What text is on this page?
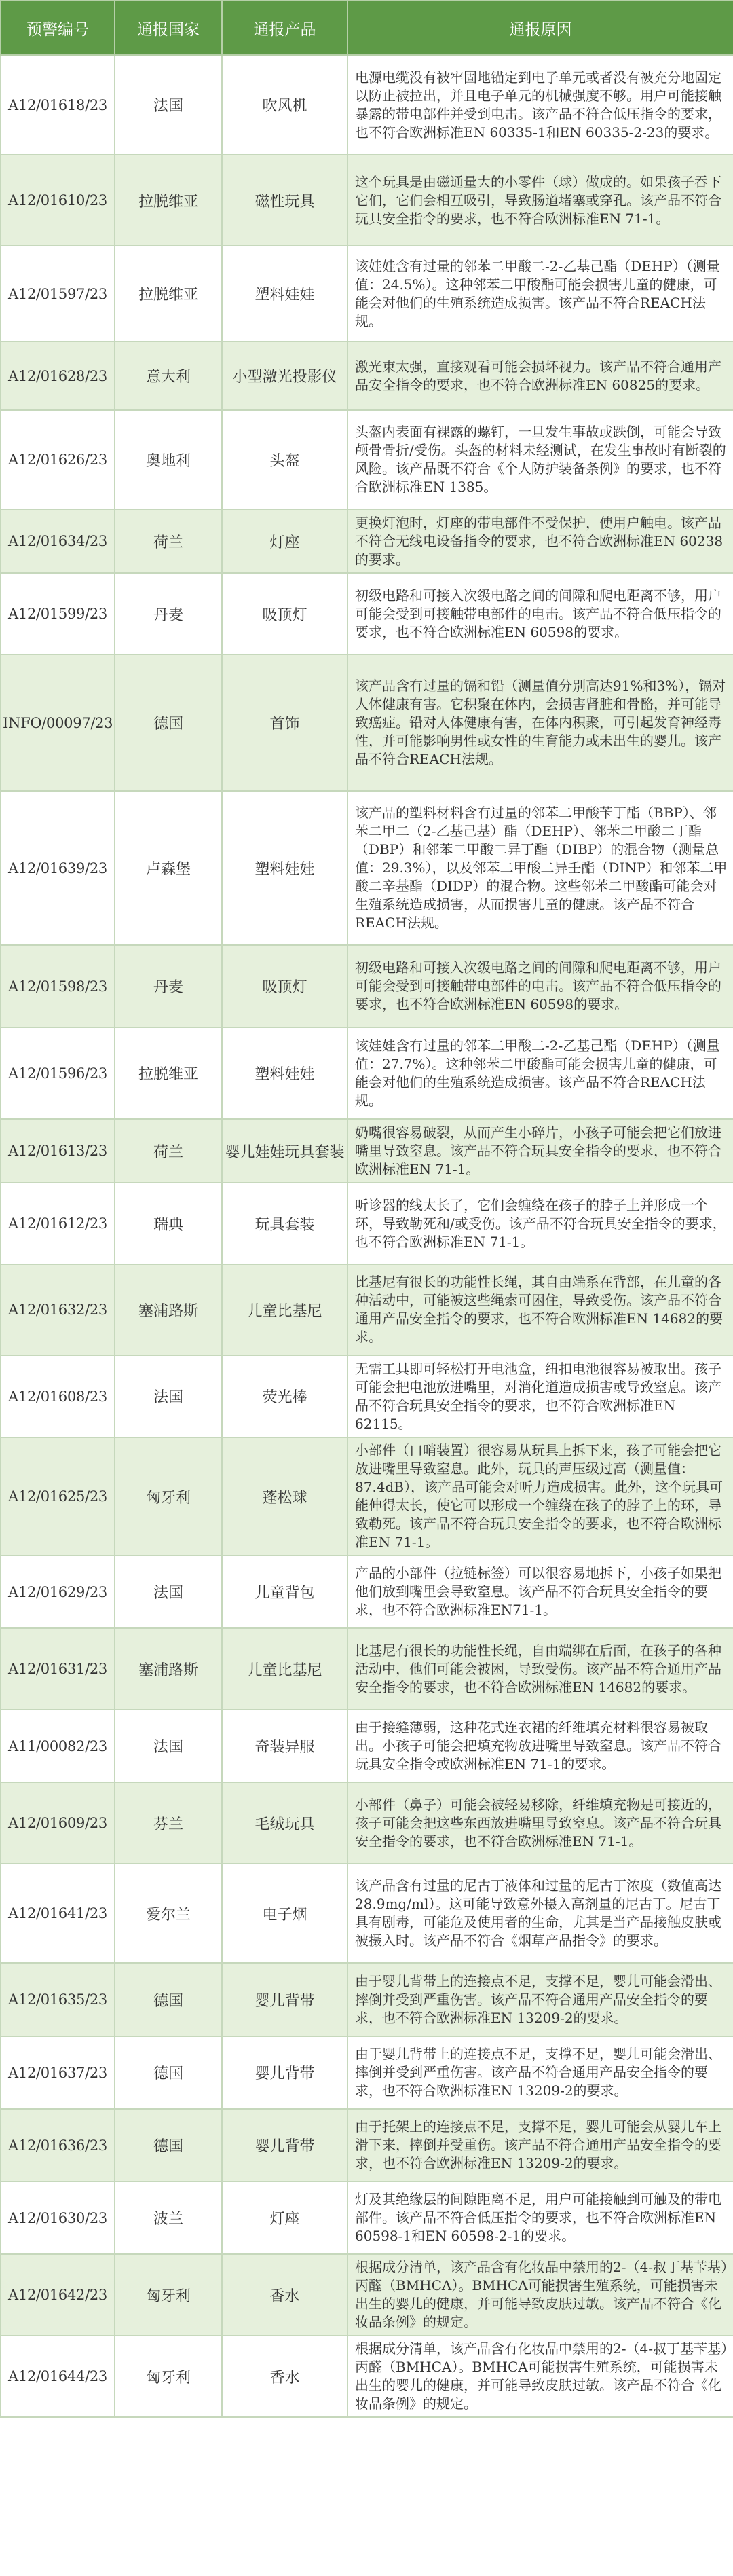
预警编号	通报国家	通报产品	通报原因
A12/01618/23	法国	吹风机	电源电缆没有被牢固地锚定到电子单元或者没有被充分地固定以防止被拉出，并且电子单元的机械强度不够。用户可能接触暴露的带电部件并受到电击。该产品不符合低压指令的要求，也不符合欧洲标准EN 60335-1和EN 60335-2-23的要求。
A12/01610/23	拉脱维亚	磁性玩具	这个玩具是由磁通量大的小零件（球）做成的。如果孩子吞下它们，它们会相互吸引，导致肠道堵塞或穿孔。该产品不符合玩具安全指令的要求，也不符合欧洲标准EN 71-1。
A12/01597/23	拉脱维亚	塑料娃娃	该娃娃含有过量的邻苯二甲酸二-2-乙基己酯（DEHP）（测量值：24.5%）。这种邻苯二甲酸酯可能会损害儿童的健康，可能会对他们的生殖系统造成损害。该产品不符合REACH法规。
A12/01628/23	意大利	小型激光投影仪	激光束太强，直接观看可能会损坏视力。该产品不符合通用产品安全指令的要求，也不符合欧洲标准EN 60825的要求。
A12/01626/23	奥地利	头盔	头盔内表面有裸露的螺钉，一旦发生事故或跌倒，可能会导致颅骨骨折/受伤。头盔的材料未经测试，在发生事故时有断裂的风险。该产品既不符合《个人防护装备条例》的要求，也不符合欧洲标准EN 1385。
A12/01634/23	荷兰	灯座	更换灯泡时，灯座的带电部件不受保护，使用户触电。该产品不符合无线电设备指令的要求，也不符合欧洲标准EN 60238的要求。
A12/01599/23	丹麦	吸顶灯	初级电路和可接入次级电路之间的间隙和爬电距离不够，用户可能会受到可接触带电部件的电击。该产品不符合低压指令的要求，也不符合欧洲标准EN 60598的要求。
INFO/00097/23	德国	首饰	该产品含有过量的镉和铅（测量值分别高达91%和3%），镉对人体健康有害。它积聚在体内，会损害肾脏和骨骼，并可能导致癌症。铅对人体健康有害，在体内积聚，可引起发育神经毒性，并可能影响男性或女性的生育能力或未出生的婴儿。该产品不符合REACH法规。
A12/01639/23	卢森堡	塑料娃娃	该产品的塑料材料含有过量的邻苯二甲酸苄丁酯（BBP）、邻苯二甲二（2-乙基己基）酯（DEHP）、邻苯二甲酸二丁酯（DBP）和邻苯二甲酸二异丁酯（DIBP）的混合物（测量总值：29.3%），以及邻苯二甲酸二异壬酯（DINP）和邻苯二甲酸二辛基酯（DIDP）的混合物。这些邻苯二甲酸酯可能会对生殖系统造成损害，从而损害儿童的健康。该产品不符合REACH法规。
A12/01598/23	丹麦	吸顶灯	初级电路和可接入次级电路之间的间隙和爬电距离不够，用户可能会受到可接触带电部件的电击。该产品不符合低压指令的要求，也不符合欧洲标准EN 60598的要求。
A12/01596/23	拉脱维亚	塑料娃娃	该娃娃含有过量的邻苯二甲酸二-2-乙基己酯（DEHP）（测量值：27.7%）。这种邻苯二甲酸酯可能会损害儿童的健康，可能会对他们的生殖系统造成损害。该产品不符合REACH法规。
A12/01613/23	荷兰	婴儿娃娃玩具套装	奶嘴很容易破裂，从而产生小碎片，小孩子可能会把它们放进嘴里导致窒息。该产品不符合玩具安全指令的要求，也不符合欧洲标准EN 71-1。
A12/01612/23	瑞典	玩具套装	听诊器的线太长了，它们会缠绕在孩子的脖子上并形成一个环，导致勒死和/或受伤。该产品不符合玩具安全指令的要求，也不符合欧洲标准EN 71-1。
A12/01632/23	塞浦路斯	儿童比基尼	比基尼有很长的功能性长绳，其自由端系在背部，在儿童的各种活动中，可能被这些绳索可困住，导致受伤。该产品不符合通用产品安全指令的要求，也不符合欧洲标准EN 14682的要求。
A12/01608/23	法国	荧光棒	无需工具即可轻松打开电池盒，纽扣电池很容易被取出。孩子可能会把电池放进嘴里，对消化道造成损害或导致窒息。该产品不符合玩具安全指令的要求，也不符合欧洲标准EN 62115。
A12/01625/23	匈牙利	蓬松球	小部件（口哨装置）很容易从玩具上拆下来，孩子可能会把它放进嘴里导致窒息。此外，玩具的声压级过高（测量值：87.4dB），该产品可能会对听力造成损害。此外，这个玩具可能伸得太长，使它可以形成一个缠绕在孩子的脖子上的环，导致勒死。该产品不符合玩具安全指令的要求，也不符合欧洲标准EN 71-1。
A12/01629/23	法国	儿童背包	产品的小部件（拉链标签）可以很容易地拆下，小孩子如果把他们放到嘴里会导致窒息。该产品不符合玩具安全指令的要求，也不符合欧洲标准EN71-1。
A12/01631/23	塞浦路斯	儿童比基尼	比基尼有很长的功能性长绳，自由端绑在后面，在孩子的各种活动中，他们可能会被困，导致受伤。该产品不符合通用产品安全指令的要求，也不符合欧洲标准EN 14682的要求。
A11/00082/23	法国	奇装异服	由于接缝薄弱，这种花式连衣裙的纤维填充材料很容易被取出。小孩子可能会把填充物放进嘴里导致窒息。该产品不符合玩具安全指令或欧洲标准EN 71-1的要求。
A12/01609/23	芬兰	毛绒玩具	小部件（鼻子）可能会被轻易移除，纤维填充物是可接近的，孩子可能会把这些东西放进嘴里导致窒息。该产品不符合玩具安全指令的要求，也不符合欧洲标准EN 71-1。
A12/01641/23	爱尔兰	电子烟	该产品含有过量的尼古丁液体和过量的尼古丁浓度（数值高达28.9mg/ml）。这可能导致意外摄入高剂量的尼古丁。尼古丁具有剧毒，可能危及使用者的生命，尤其是当产品接触皮肤或被摄入时。该产品不符合《烟草产品指令》的要求。
A12/01635/23	德国	婴儿背带	由于婴儿背带上的连接点不足，支撑不足，婴儿可能会滑出、摔倒并受到严重伤害。该产品不符合通用产品安全指令的要求，也不符合欧洲标准EN 13209-2的要求。
A12/01637/23	德国	婴儿背带	由于婴儿背带上的连接点不足，支撑不足，婴儿可能会滑出、摔倒并受到严重伤害。该产品不符合通用产品安全指令的要求，也不符合欧洲标准EN 13209-2的要求。
A12/01636/23	德国	婴儿背带	由于托架上的连接点不足，支撑不足，婴儿可能会从婴儿车上滑下来，摔倒并受重伤。该产品不符合通用产品安全指令的要求，也不符合欧洲标准EN 13209-2的要求。
A12/01630/23	波兰	灯座	灯及其绝缘层的间隙距离不足，用户可能接触到可触及的带电部件。该产品不符合低压指令的要求，也不符合欧洲标准EN 60598-1和EN 60598-2-1的要求。
A12/01642/23	匈牙利	香水	根据成分清单，该产品含有化妆品中禁用的2-（4-叔丁基苄基）丙醛（BMHCA）。BMHCA可能损害生殖系统，可能损害未出生的婴儿的健康，并可能导致皮肤过敏。该产品不符合《化妆品条例》的规定。
A12/01644/23	匈牙利	香水	根据成分清单，该产品含有化妆品中禁用的2-（4-叔丁基苄基）丙醛（BMHCA）。BMHCA可能损害生殖系统，可能损害未出生的婴儿的健康，并可能导致皮肤过敏。该产品不符合《化妆品条例》的规定。
